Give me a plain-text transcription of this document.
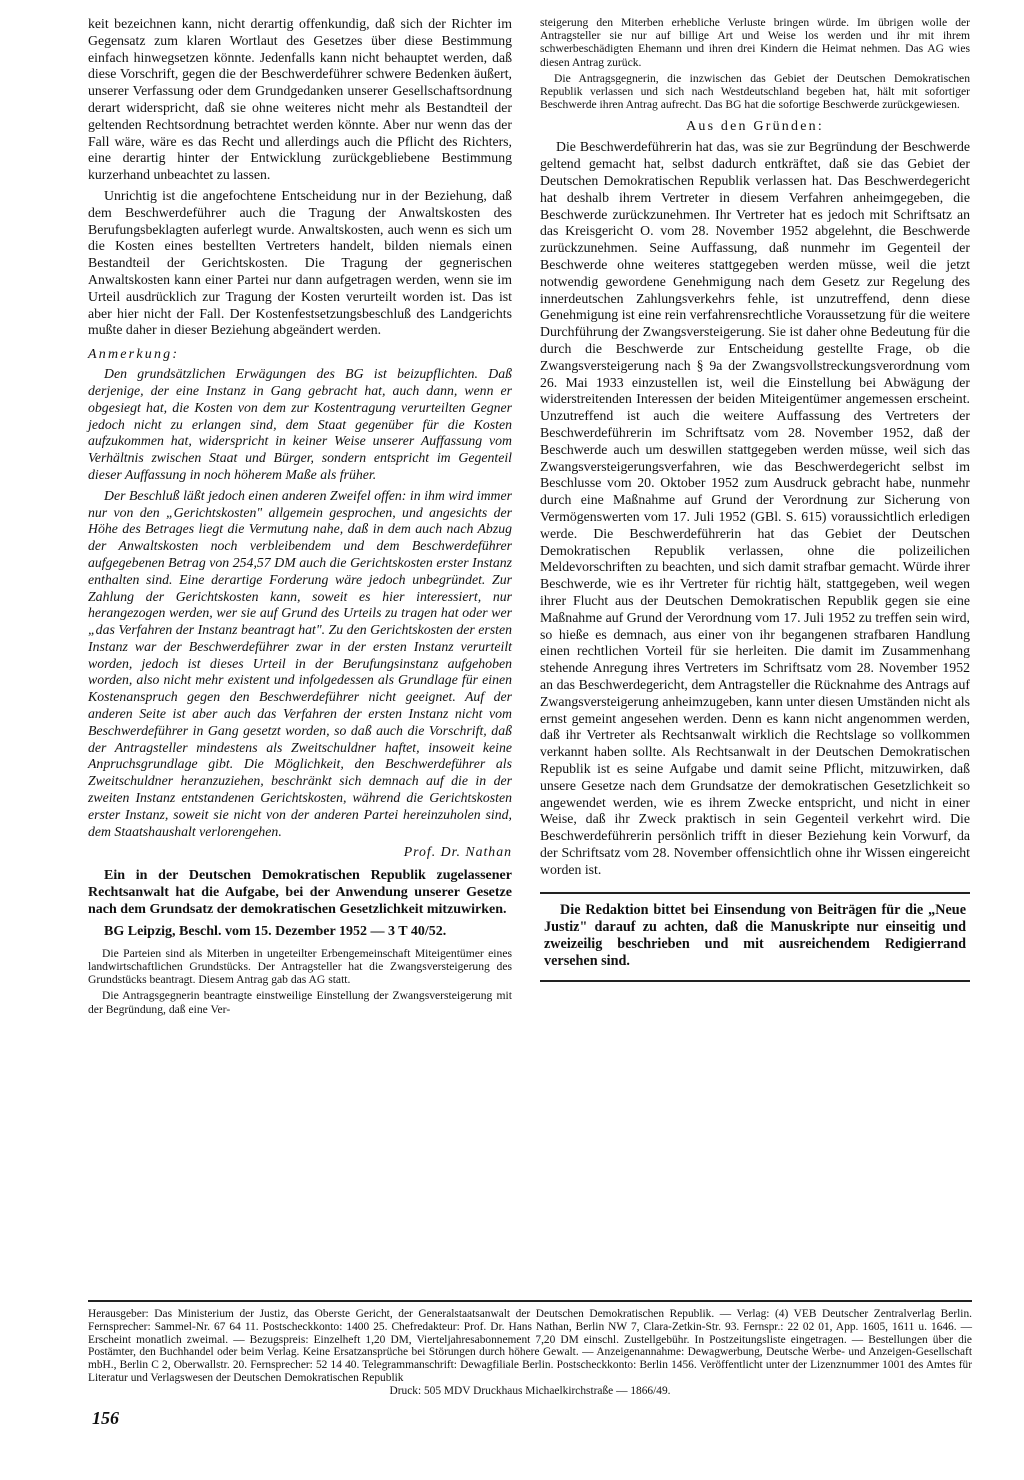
keit bezeichnen kann, nicht derartig offenkundig, daß sich der Richter im Gegensatz zum klaren Wortlaut des Gesetzes über diese Bestimmung einfach hinwegsetzen könnte. Jedenfalls kann nicht behauptet werden, daß diese Vorschrift, gegen die der Beschwerdeführer schwere Bedenken äußert, unserer Verfassung oder dem Grundgedanken unserer Gesellschaftsordnung derart widerspricht, daß sie ohne weiteres nicht mehr als Bestandteil der geltenden Rechtsordnung betrachtet werden könnte. Aber nur wenn das der Fall wäre, wäre es das Recht und allerdings auch die Pflicht des Richters, eine derartig hinter der Entwicklung zurückgebliebene Bestimmung kurzerhand unbeachtet zu lassen.

Unrichtig ist die angefochtene Entscheidung nur in der Beziehung, daß dem Beschwerdeführer auch die Tragung der Anwaltskosten des Berufungsbeklagten auferlegt wurde. Anwaltskosten, auch wenn es sich um die Kosten eines bestellten Vertreters handelt, bilden niemals einen Bestandteil der Gerichtskosten. Die Tragung der gegnerischen Anwaltskosten kann einer Partei nur dann aufgetragen werden, wenn sie im Urteil ausdrücklich zur Tragung der Kosten verurteilt worden ist. Das ist aber hier nicht der Fall. Der Kostenfestsetzungsbeschluß des Landgerichts mußte daher in dieser Beziehung abgeändert werden.

Anmerkung:

Den grundsätzlichen Erwägungen des BG ist beizupflichten. Daß derjenige, der eine Instanz in Gang gebracht hat, auch dann, wenn er obgesiegt hat, die Kosten von dem zur Kostentragung verurteilten Gegner jedoch nicht zu erlangen sind, dem Staat gegenüber für die Kosten aufzukommen hat, widerspricht in keiner Weise unserer Auffassung vom Verhältnis zwischen Staat und Bürger, sondern entspricht im Gegenteil dieser Auffassung in noch höherem Maße als früher.

Der Beschluß läßt jedoch einen anderen Zweifel offen: in ihm wird immer nur von den „Gerichtskosten" allgemein gesprochen, und angesichts der Höhe des Betrages liegt die Vermutung nahe, daß in dem auch nach Abzug der Anwaltskosten noch verbleibendem und dem Beschwerdeführer aufgegebenen Betrag von 254,57 DM auch die Gerichtskosten erster Instanz enthalten sind. Eine derartige Forderung wäre jedoch unbegründet. Zur Zahlung der Gerichtskosten kann, soweit es hier interessiert, nur herangezogen werden, wer sie auf Grund des Urteils zu tragen hat oder wer „das Verfahren der Instanz beantragt hat". Zu den Gerichtskosten der ersten Instanz war der Beschwerdeführer zwar in der ersten Instanz verurteilt worden, jedoch ist dieses Urteil in der Berufungsinstanz aufgehoben worden, also nicht mehr existent und infolgedessen als Grundlage für einen Kostenanspruch gegen den Beschwerdeführer nicht geeignet. Auf der anderen Seite ist aber auch das Verfahren der ersten Instanz nicht vom Beschwerdeführer in Gang gesetzt worden, so daß auch die Vorschrift, daß der Antragsteller mindestens als Zweitschuldner haftet, insoweit keine Anpruchsgrundlage gibt. Die Möglichkeit, den Beschwerdeführer als Zweitschuldner heranzuziehen, beschränkt sich demnach auf die in der zweiten Instanz entstandenen Gerichtskosten, während die Gerichtskosten erster Instanz, soweit sie nicht von der anderen Partei hereinzuholen sind, dem Staatshaushalt verlorengehen.

Prof. Dr. Nathan

Ein in der Deutschen Demokratischen Republik zugelassener Rechtsanwalt hat die Aufgabe, bei der Anwendung unserer Gesetze nach dem Grundsatz der demokratischen Gesetzlichkeit mitzuwirken.

BG Leipzig, Beschl. vom 15. Dezember 1952 — 3 T 40/52.

Die Parteien sind als Miterben in ungeteilter Erbengemeinschaft Miteigentümer eines landwirtschaftlichen Grundstücks. Der Antragsteller hat die Zwangsversteigerung des Grundstücks beantragt. Diesem Antrag gab das AG statt.

Die Antragsgegnerin beantragte einstweilige Einstellung der Zwangsversteigerung mit der Begründung, daß eine Ver-

steigerung den Miterben erhebliche Verluste bringen würde. Im übrigen wolle der Antragsteller sie nur auf billige Art und Weise los werden und ihr mit ihrem schwerbeschädigten Ehemann und ihren drei Kindern die Heimat nehmen. Das AG wies diesen Antrag zurück.

Die Antragsgegnerin, die inzwischen das Gebiet der Deutschen Demokratischen Republik verlassen und sich nach Westdeutschland begeben hat, hält mit sofortiger Beschwerde ihren Antrag aufrecht. Das BG hat die sofortige Beschwerde zurückgewiesen.

Aus den Gründen:

Die Beschwerdeführerin hat das, was sie zur Begründung der Beschwerde geltend gemacht hat, selbst dadurch entkräftet, daß sie das Gebiet der Deutschen Demokratischen Republik verlassen hat. Das Beschwerdegericht hat deshalb ihrem Vertreter in diesem Verfahren anheimgegeben, die Beschwerde zurückzunehmen. Ihr Vertreter hat es jedoch mit Schriftsatz an das Kreisgericht O. vom 28. November 1952 abgelehnt, die Beschwerde zurückzunehmen. Seine Auffassung, daß nunmehr im Gegenteil der Beschwerde ohne weiteres stattgegeben werden müsse, weil die jetzt notwendig gewordene Genehmigung nach dem Gesetz zur Regelung des innerdeutschen Zahlungsverkehrs fehle, ist unzutreffend, denn diese Genehmigung ist eine rein verfahrensrechtliche Voraussetzung für die weitere Durchführung der Zwangsversteigerung. Sie ist daher ohne Bedeutung für die durch die Beschwerde zur Entscheidung gestellte Frage, ob die Zwangsversteigerung nach § 9a der Zwangsvollstreckungsverordnung vom 26. Mai 1933 einzustellen ist, weil die Einstellung bei Abwägung der widerstreitenden Interessen der beiden Miteigentümer angemessen erscheint. Unzutreffend ist auch die weitere Auffassung des Vertreters der Beschwerdeführerin im Schriftsatz vom 28. November 1952, daß der Beschwerde auch um deswillen stattgegeben werden müsse, weil sich das Zwangsversteigerungsverfahren, wie das Beschwerdegericht selbst im Beschlusse vom 20. Oktober 1952 zum Ausdruck gebracht habe, nunmehr durch eine Maßnahme auf Grund der Verordnung zur Sicherung von Vermögenswerten vom 17. Juli 1952 (GBl. S. 615) voraussichtlich erledigen werde. Die Beschwerdeführerin hat das Gebiet der Deutschen Demokratischen Republik verlassen, ohne die polizeilichen Meldevorschriften zu beachten, und sich damit strafbar gemacht. Würde ihrer Beschwerde, wie es ihr Vertreter für richtig hält, stattgegeben, weil wegen ihrer Flucht aus der Deutschen Demokratischen Republik gegen sie eine Maßnahme auf Grund der Verordnung vom 17. Juli 1952 zu treffen sein wird, so hieße es demnach, aus einer von ihr begangenen strafbaren Handlung einen rechtlichen Vorteil für sie herleiten. Die damit im Zusammenhang stehende Anregung ihres Vertreters im Schriftsatz vom 28. November 1952 an das Beschwerdegericht, dem Antragsteller die Rücknahme des Antrags auf Zwangsversteigerung anheimzugeben, kann unter diesen Umständen nicht als ernst gemeint angesehen werden. Denn es kann nicht angenommen werden, daß ihr Vertreter als Rechtsanwalt wirklich die Rechtslage so vollkommen verkannt haben sollte. Als Rechtsanwalt in der Deutschen Demokratischen Republik ist es seine Aufgabe und damit seine Pflicht, mitzuwirken, daß unsere Gesetze nach dem Grundsatze der demokratischen Gesetzlichkeit so angewendet werden, wie es ihrem Zwecke entspricht, und nicht in einer Weise, daß ihr Zweck praktisch in sein Gegenteil verkehrt wird. Die Beschwerdeführerin persönlich trifft in dieser Beziehung kein Vorwurf, da der Schriftsatz vom 28. November offensichtlich ohne ihr Wissen eingereicht worden ist.

Die Redaktion bittet bei Einsendung von Beiträgen für die „Neue Justiz" darauf zu achten, daß die Manuskripte nur einseitig und zweizeilig beschrieben und mit ausreichendem Redigierrand versehen sind.

Herausgeber: Das Ministerium der Justiz, das Oberste Gericht, der Generalstaatsanwalt der Deutschen Demokratischen Republik. — Verlag: (4) VEB Deutscher Zentralverlag Berlin. Fernsprecher: Sammel-Nr. 67 64 11. Postscheckkonto: 1400 25. Chefredakteur: Prof. Dr. Hans Nathan, Berlin NW 7, Clara-Zetkin-Str. 93. Fernspr.: 22 02 01, App. 1605, 1611 u. 1646. — Erscheint monatlich zweimal. — Bezugspreis: Einzelheft 1,20 DM, Vierteljahresabonnement 7,20 DM einschl. Zustellgebühr. In Postzeitungsliste eingetragen. — Bestellungen über die Postämter, den Buchhandel oder beim Verlag. Keine Ersatzansprüche bei Störungen durch höhere Gewalt. — Anzeigenannahme: Dewagwerbung, Deutsche Werbe- und Anzeigen-Gesellschaft mbH., Berlin C 2, Oberwallstr. 20. Fernsprecher: 52 14 40. Telegrammanschrift: Dewagfiliale Berlin. Postscheckkonto: Berlin 1456. Veröffentlicht unter der Lizenznummer 1001 des Amtes für Literatur und Verlagswesen der Deutschen Demokratischen Republik

Druck: 505 MDV Druckhaus Michaelkirchstraße — 1866/49.

156
